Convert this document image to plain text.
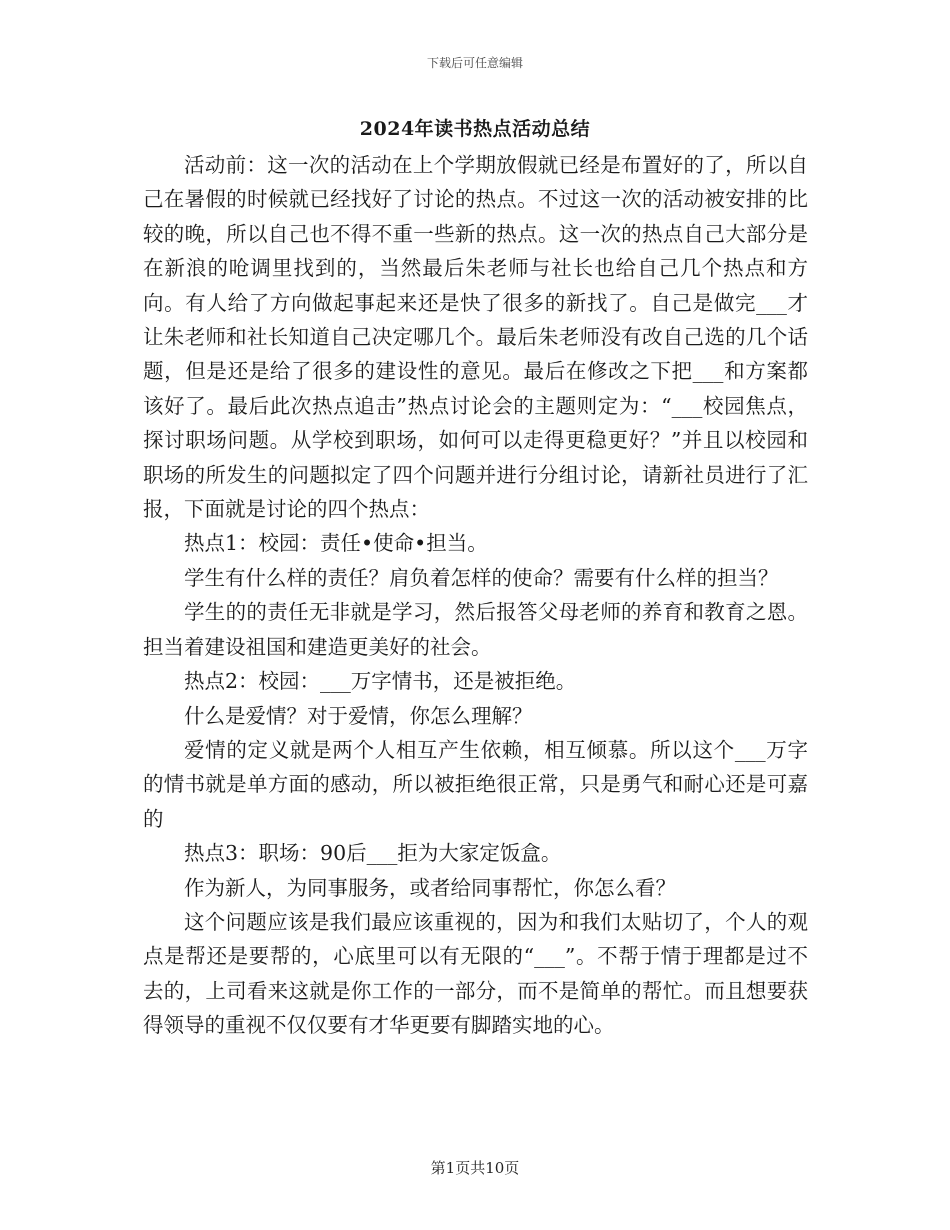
下载后可任意编辑
2024年读书热点活动总结

活动前：这一次的活动在上个学期放假就已经是布置好的了，所以自己在暑假的时候就已经找好了讨论的热点。不过这一次的活动被安排的比较的晚，所以自己也不得不重一些新的热点。这一次的热点自己大部分是在新浪的呛调里找到的，当然最后朱老师与社长也给自己几个热点和方向。有人给了方向做起事起来还是快了很多的新找了。自己是做完___才让朱老师和社长知道自己决定哪几个。最后朱老师没有改自己选的几个话题，但是还是给了很多的建设性的意见。最后在修改之下把___和方案都该好了。最后此次热点追击”热点讨论会的主题则定为：“___校园焦点，探讨职场问题。从学校到职场，如何可以走得更稳更好？”并且以校园和职场的所发生的问题拟定了四个问题并进行分组讨论，请新社员进行了汇报，下面就是讨论的四个热点：

热点1：校园：责任•使命•担当。

学生有什么样的责任？肩负着怎样的使命？需要有什么样的担当？

学生的的责任无非就是学习，然后报答父母老师的养育和教育之恩。担当着建设祖国和建造更美好的社会。

热点2：校园：___万字情书，还是被拒绝。

什么是爱情？对于爱情，你怎么理解？

爱情的定义就是两个人相互产生依赖，相互倾慕。所以这个___万字的情书就是单方面的感动，所以被拒绝很正常，只是勇气和耐心还是可嘉的

热点3：职场：90后___拒为大家定饭盒。

作为新人，为同事服务，或者给同事帮忙，你怎么看？

这个问题应该是我们最应该重视的，因为和我们太贴切了，个人的观点是帮还是要帮的，心底里可以有无限的“___”。不帮于情于理都是过不去的，上司看来这就是你工作的一部分，而不是简单的帮忙。而且想要获得领导的重视不仅仅要有才华更要有脚踏实地的心。

第1页共10页
